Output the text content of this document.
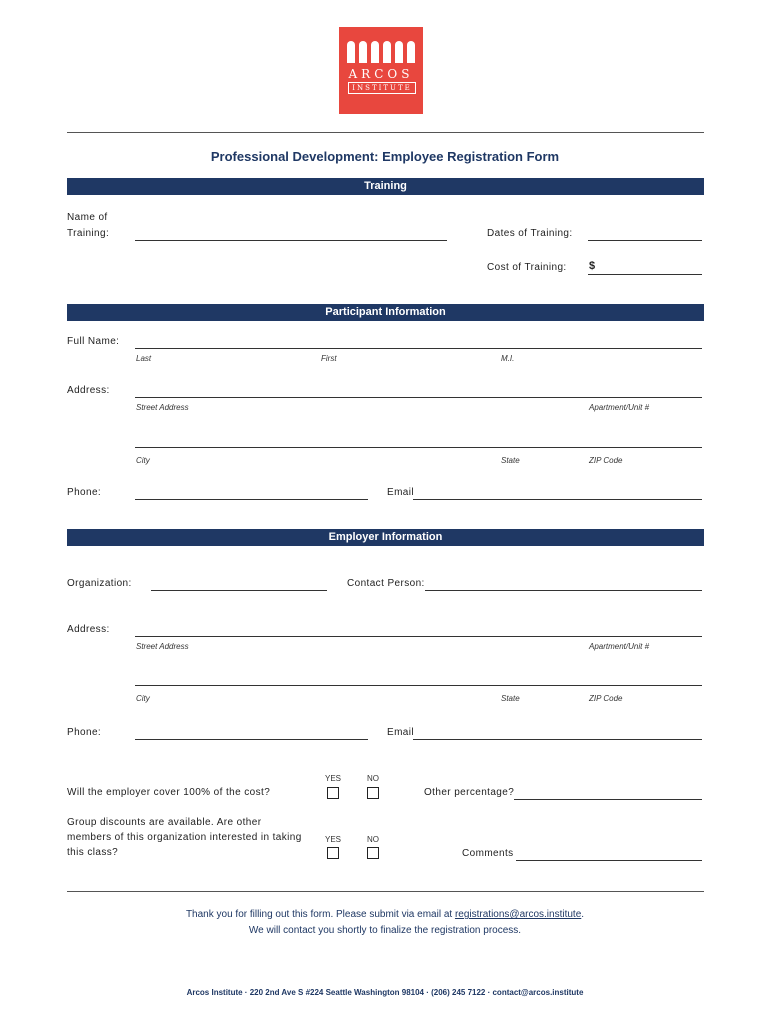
ARCOS
INSTITUTE
Professional Development: Employee Registration Form
Training
Name of
Training:	Dates of Training:
Cost of Training: $
Participant Information
Full Name:
Last	First	M.I.
Address:
Street Address	Apartment/Unit #
City	State	ZIP Code
Phone:	Email
Employer Information
Organization:	Contact Person:
Address:
Street Address	Apartment/Unit #
City	State	ZIP Code
Phone:	Email
YES	NO
Will the employer cover 100% of the cost?	Other percentage?
Group discounts are available. Are other
members of this organization interested in taking
this class?
YES	NO
Comments
Thank you for filling out this form. Please submit via email at registrations@arcos.institute.
We will contact you shortly to finalize the registration process.
Arcos Institute · 220 2nd Ave S #224 Seattle Washington 98104 · (206) 245 7122 · contact@arcos.institute
